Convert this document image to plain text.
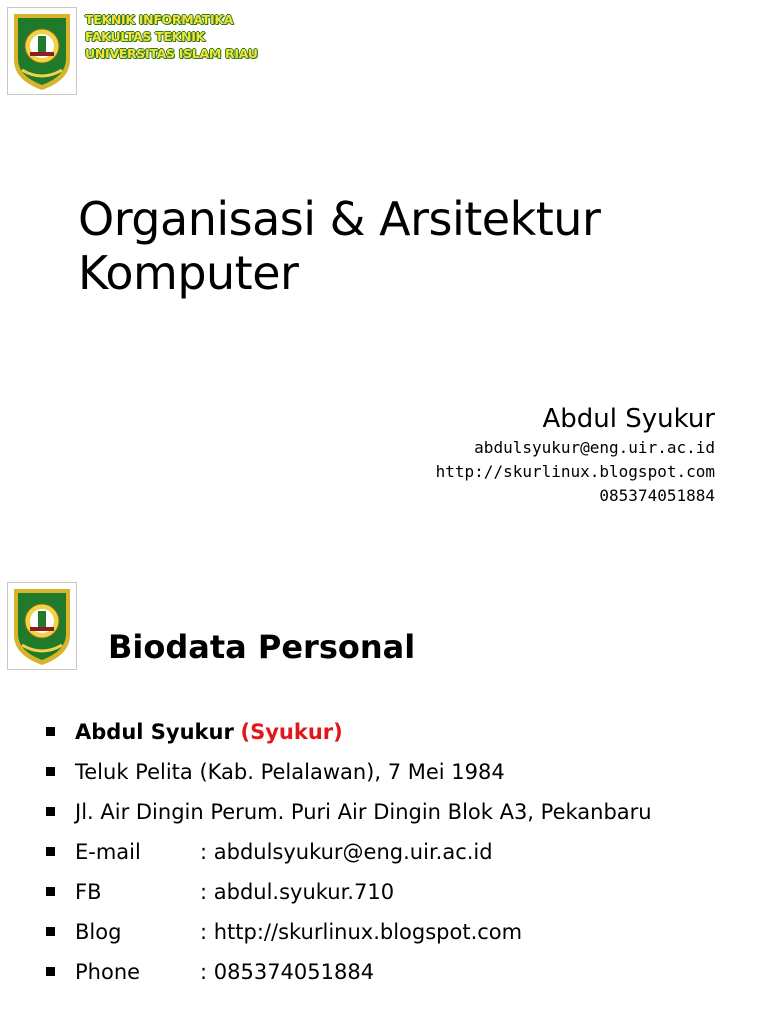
TEKNIK INFORMATIKA
FAKULTAS TEKNIK
UNIVERSITAS ISLAM RIAU
Organisasi & Arsitektur
Komputer
Abdul Syukur
abdulsyukur@eng.uir.ac.id
http://skurlinux.blogspot.com
085374051884
Biodata Personal
Abdul Syukur (Syukur)
Teluk Pelita (Kab. Pelalawan), 7 Mei 1984
Jl. Air Dingin Perum. Puri Air Dingin Blok A3, Pekanbaru
E-mail	: abdulsyukur@eng.uir.ac.id
FB	: abdul.syukur.710
Blog	: http://skurlinux.blogspot.com
Phone	: 085374051884
